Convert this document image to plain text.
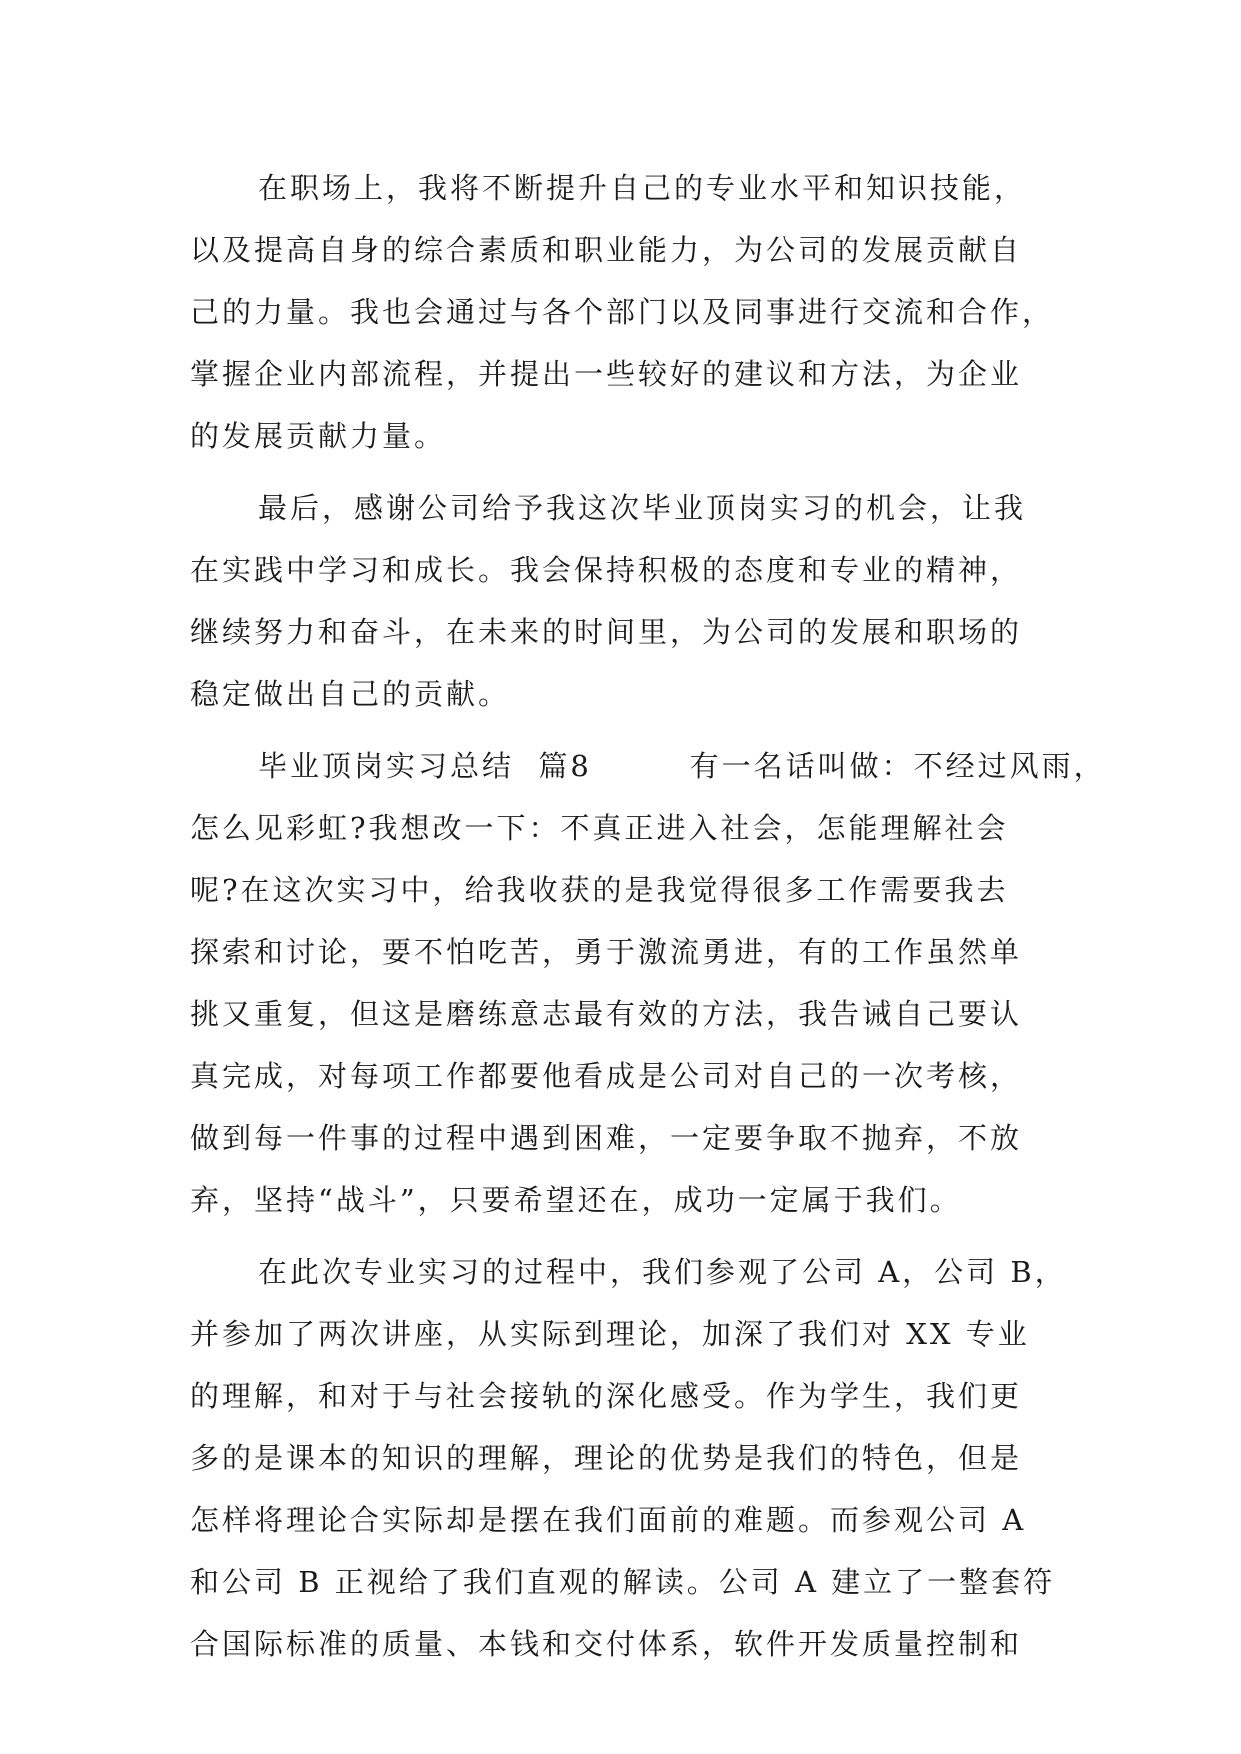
在职场上，我将不断提升自己的专业水平和知识技能，
以及提高自身的综合素质和职业能力，为公司的发展贡献自
己的力量。我也会通过与各个部门以及同事进行交流和合作，
掌握企业内部流程，并提出一些较好的建议和方法，为企业
的发展贡献力量。
最后，感谢公司给予我这次毕业顶岗实习的机会，让我
在实践中学习和成长。我会保持积极的态度和专业的精神，
继续努力和奋斗，在未来的时间里，为公司的发展和职场的
稳定做出自己的贡献。
毕业顶岗实习总结  篇8        有一名话叫做：不经过风雨，
怎么见彩虹?我想改一下：不真正进入社会，怎能理解社会
呢?在这次实习中，给我收获的是我觉得很多工作需要我去
探索和讨论，要不怕吃苦，勇于激流勇进，有的工作虽然单
挑又重复，但这是磨练意志最有效的方法，我告诫自己要认
真完成，对每项工作都要他看成是公司对自己的一次考核，
做到每一件事的过程中遇到困难，一定要争取不抛弃，不放
弃，坚持“战斗”，只要希望还在，成功一定属于我们。
在此次专业实习的过程中，我们参观了公司 A，公司 B，
并参加了两次讲座，从实际到理论，加深了我们对 XX 专业
的理解，和对于与社会接轨的深化感受。作为学生，我们更
多的是课本的知识的理解，理论的优势是我们的特色，但是
怎样将理论合实际却是摆在我们面前的难题。而参观公司 A
和公司 B 正视给了我们直观的解读。公司 A 建立了一整套符
合国际标准的质量、本钱和交付体系，软件开发质量控制和
